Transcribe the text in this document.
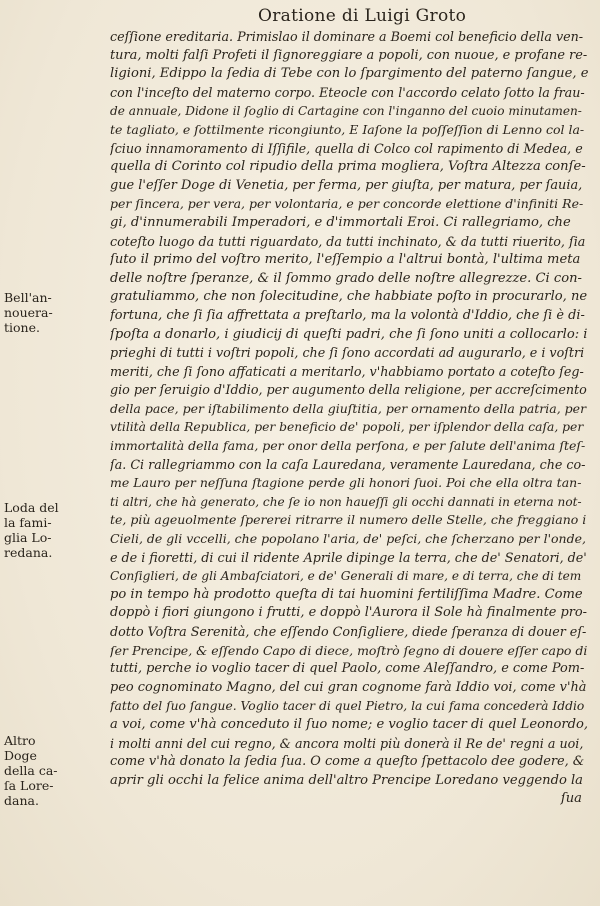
Oratione di Luigi Groto
ceſſione ereditaria. Primislao il dominare a Boemi col beneficio della ven-
tura, molti falſi Profeti il ſignoreggiare a popoli, con nuoue, e profane re-
ligioni, Edippo la ſedia di Tebe con lo ſpargimento del paterno ſangue, e
con l'inceſto del materno corpo. Eteocle con l'accordo celato ſotto la frau-
de annuale, Didone il ſoglio di Cartagine con l'inganno del cuoio minutamen-
te tagliato, e ſottilmente ricongiunto, E Iaſone la poſſeſſion di Lenno col la-
ſciuo innamoramento di Iſſifile, quella di Colco col rapimento di Medea, e
quella di Corinto col ripudio della prima mogliera, Voſtra Altezza conſe-
gue l'eſſer Doge di Venetia, per ferma, per giuſta, per matura, per ſauia,
per ſincera, per vera, per volontaria, e per concorde elettione d'infiniti Re-
gi, d'innumerabili Imperadori, e d'immortali Eroi. Ci rallegriamo, che
coteſto luogo da tutti riguardato, da tutti inchinato, & da tutti riuerito, ſia
ſuto il primo del voſtro merito, l'eſſempio a l'altrui bontà, l'ultima meta
delle noſtre ſperanze, & il ſommo grado delle noſtre allegrezze. Ci con-
gratuliammo, che non ſolecitudine, che habbiate poſto in procurarlo, ne
fortuna, che ſi ſia affrettata a preſtarlo, ma la volontà d'Iddio, che ſi è di-
ſpoſta a donarlo, i giudicij di queſti padri, che ſi ſono uniti a collocarlo: i
prieghi di tutti i voſtri popoli, che ſi ſono accordati ad augurarlo, e i voſtri
meriti, che ſi ſono affaticati a meritarlo, v'habbiamo portato a coteſto ſeg-
gio per ſeruigio d'Iddio, per augumento della religione, per accreſcimento
della pace, per iſtabilimento della giuſtitia, per ornamento della patria, per
vtilità della Republica, per beneficio de' popoli, per iſplendor della caſa, per
immortalità della fama, per onor della perſona, e per ſalute dell'anima ſteſ-
ſa. Ci rallegriammo con la caſa Lauredana, veramente Lauredana, che co-
me Lauro per neſſuna ſtagione perde gli honori ſuoi. Poi che ella oltra tan-
ti altri, che hà generato, che ſe io non haueſſi gli occhi dannati in eterna not-
te, più ageuolmente ſpererei ritrarre il numero delle Stelle, che freggiano i
Cieli, de gli vccelli, che popolano l'aria, de' peſci, che ſcherzano per l'onde,
e de i fioretti, di cui il ridente Aprile dipinge la terra, che de' Senatori, de'
Conſiglieri, de gli Ambaſciatori, e de' Generali di mare, e di terra, che di tem
po in tempo hà prodotto queſta di tai huomini fertiliſſima Madre. Come
doppò i fiori giungono i frutti, e doppò l'Aurora il Sole hà finalmente pro-
dotto Voſtra Serenità, che eſſendo Conſigliere, diede ſperanza di douer eſ-
ſer Prencipe, & eſſendo Capo di diece, moſtrò ſegno di douere eſſer capo di
tutti, perche io voglio tacer di quel Paolo, come Aleſſandro, e come Pom-
peo cognominato Magno, del cui gran cognome farà Iddio voi, come v'hà
fatto del ſuo ſangue. Voglio tacer di quel Pietro, la cui fama concederà Iddio
a voi, come v'hà conceduto il ſuo nome; e voglio tacer di quel Leonordo,
i molti anni del cui regno, & ancora molti più donerà il Re de' regni a uoi,
come v'hà donato la ſedia ſua. O come a queſto ſpettacolo dee godere, &
aprir gli occhi la felice anima dell'altro Prencipe Loredano veggendo la
ſua
Bell'an-
nouera-
tione.
Loda del
la fami-
glia Lo-
redana.
Altro
Doge
della ca-
ſa Lore-
dana.
